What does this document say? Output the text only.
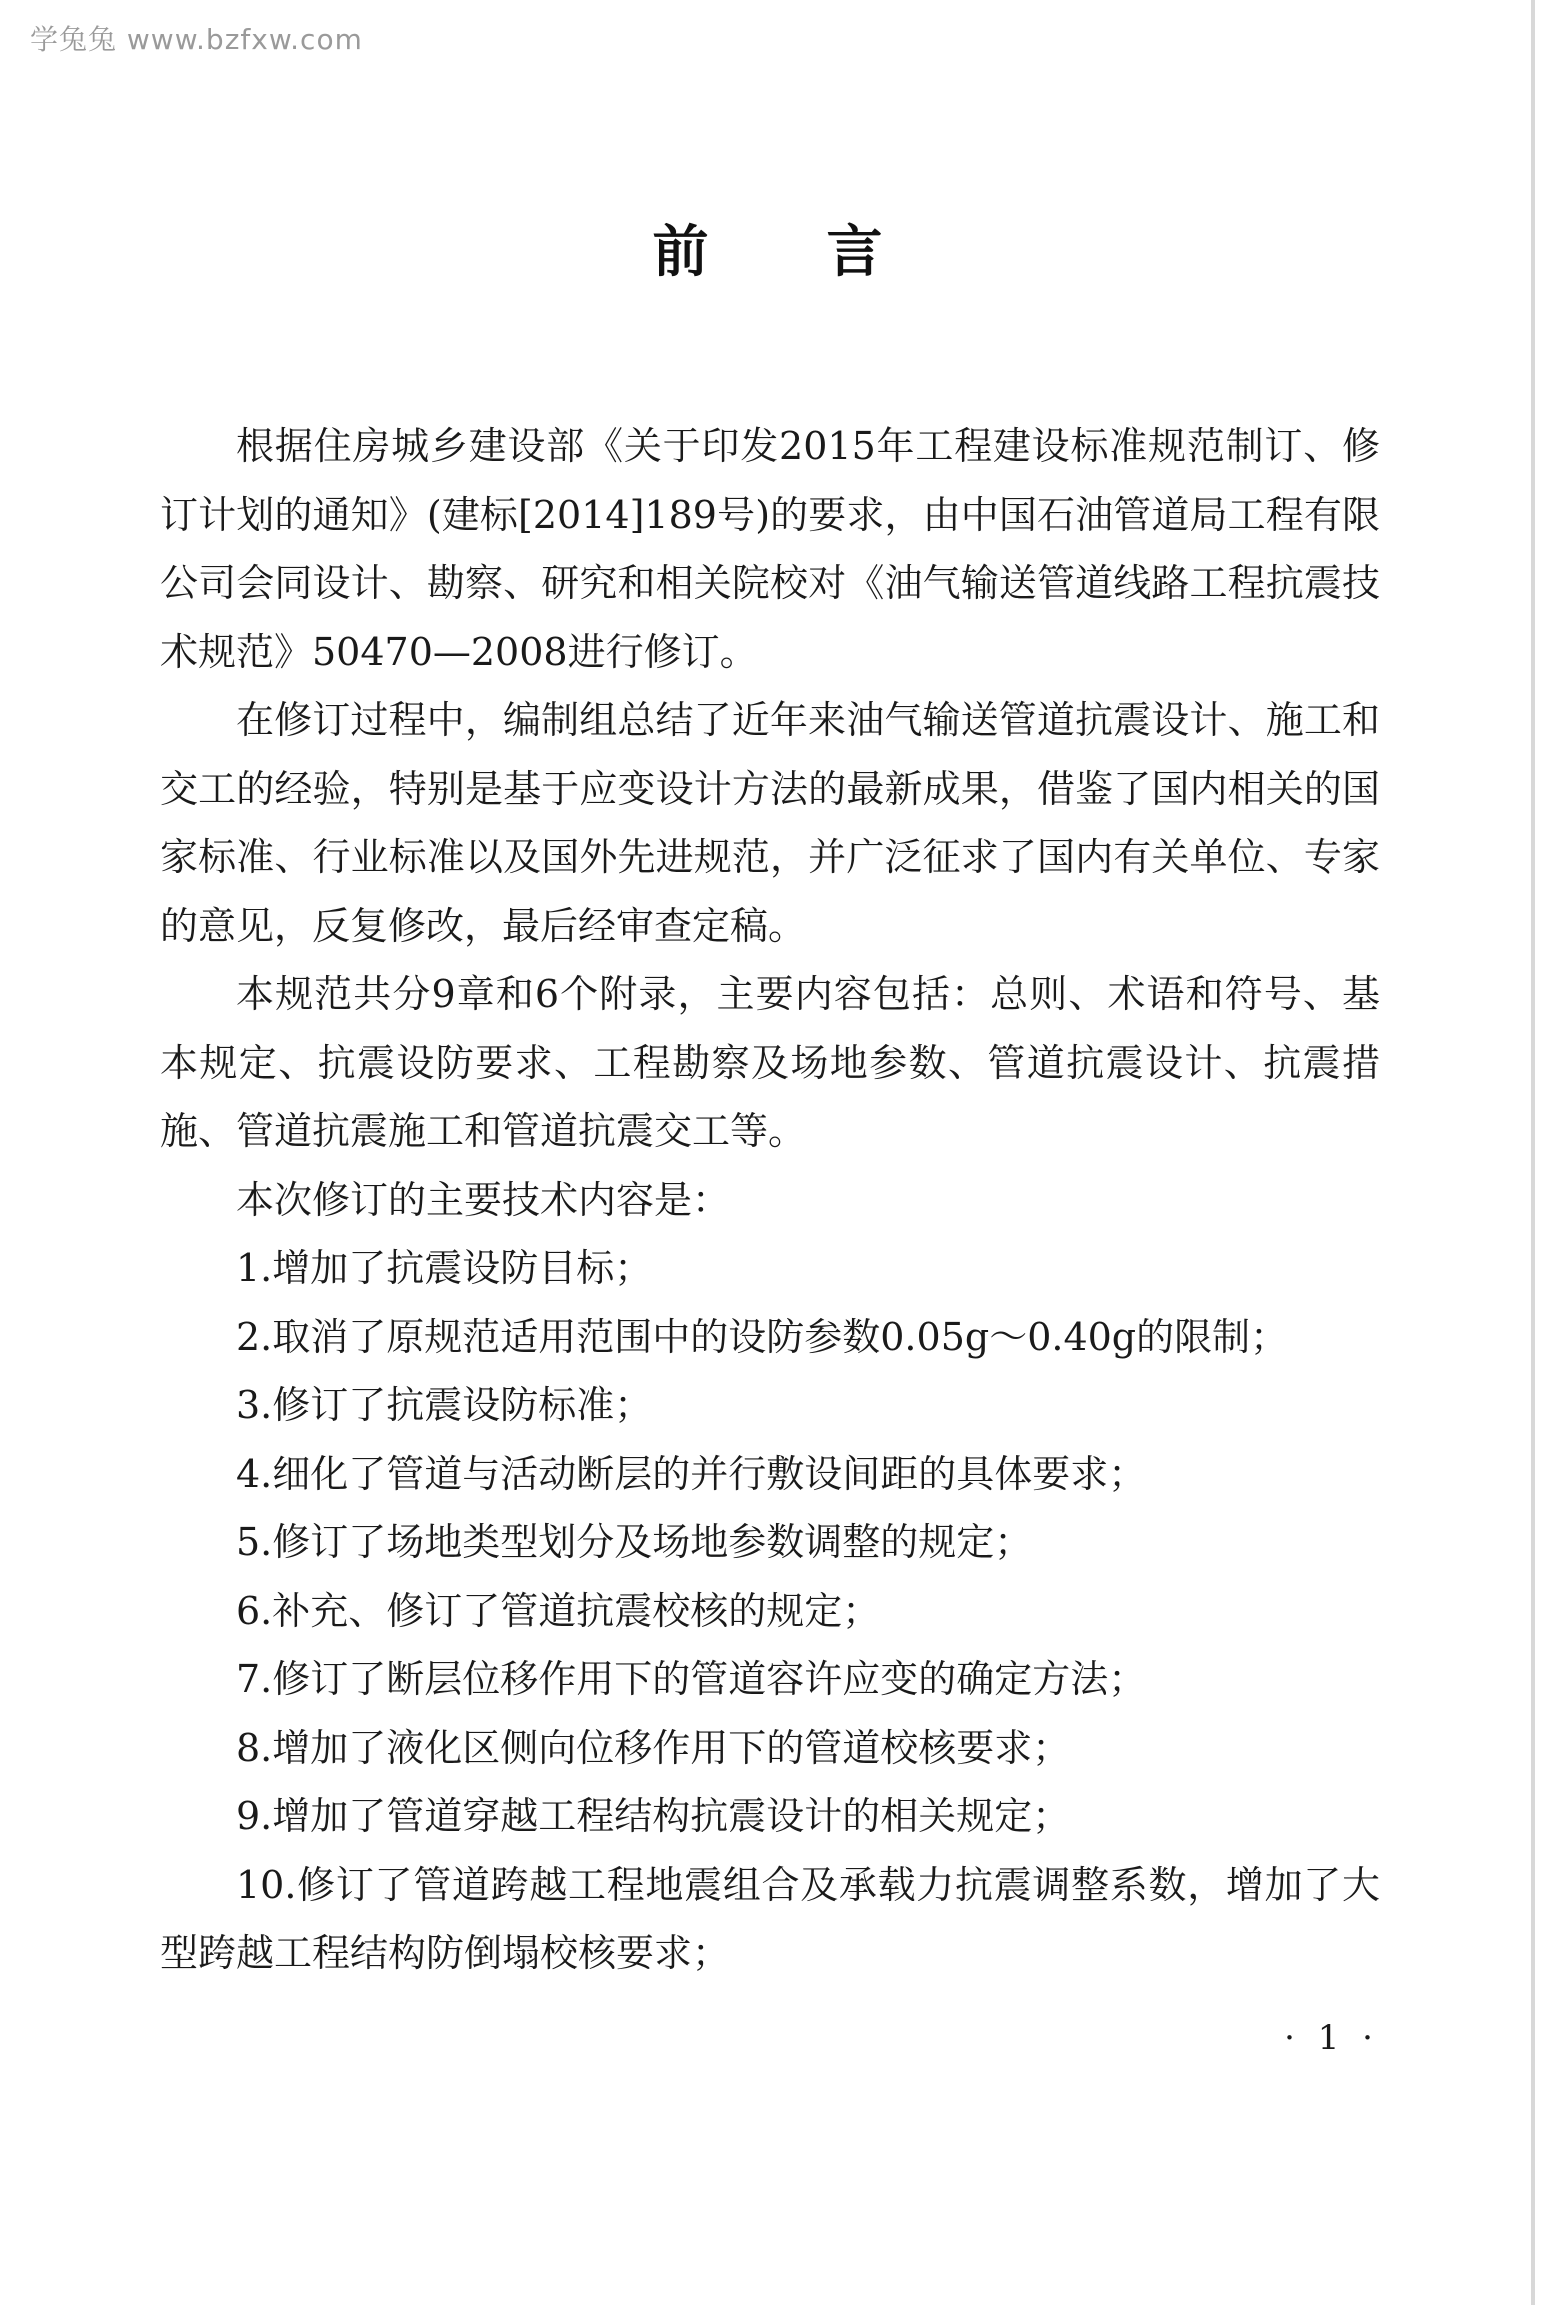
学兔兔 www.bzfxw.com
前言

根据住房城乡建设部《关于印发2015年工程建设标准规范制订、修订计划的通知》(建标[2014]189号)的要求，由中国石油管道局工程有限公司会同设计、勘察、研究和相关院校对《油气输送管道线路工程抗震技术规范》50470—2008进行修订。

在修订过程中，编制组总结了近年来油气输送管道抗震设计、施工和交工的经验，特别是基于应变设计方法的最新成果，借鉴了国内相关的国家标准、行业标准以及国外先进规范，并广泛征求了国内有关单位、专家的意见，反复修改，最后经审查定稿。

本规范共分9章和6个附录，主要内容包括：总则、术语和符号、基本规定、抗震设防要求、工程勘察及场地参数、管道抗震设计、抗震措施、管道抗震施工和管道抗震交工等。

本次修订的主要技术内容是：

1.增加了抗震设防目标；

2.取消了原规范适用范围中的设防参数0.05g～0.40g的限制；

3.修订了抗震设防标准；

4.细化了管道与活动断层的并行敷设间距的具体要求；

5.修订了场地类型划分及场地参数调整的规定；

6.补充、修订了管道抗震校核的规定；

7.修订了断层位移作用下的管道容许应变的确定方法；

8.增加了液化区侧向位移作用下的管道校核要求；

9.增加了管道穿越工程结构抗震设计的相关规定；

10.修订了管道跨越工程地震组合及承载力抗震调整系数，增加了大型跨越工程结构防倒塌校核要求；

· 1 ·
